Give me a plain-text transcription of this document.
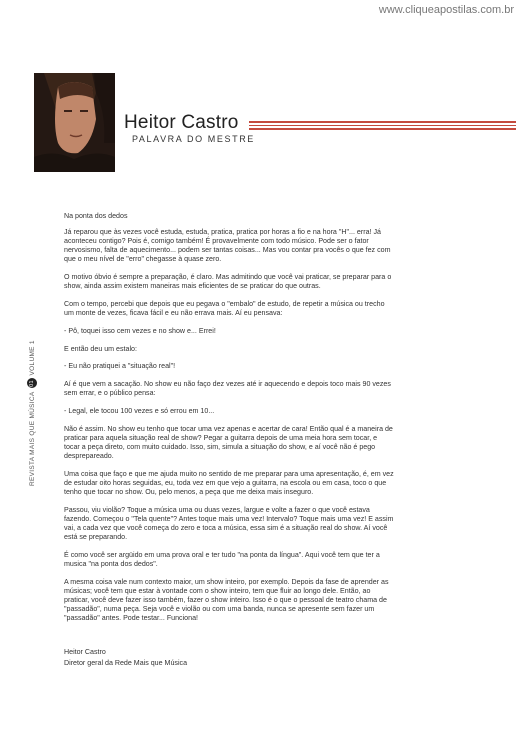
www.cliqueapostilas.com.br
Heitor Castro
PALAVRA DO MESTRE
REVISTA MAIS QUE MÚSICA
01
VOLUME 1

Na ponta dos dedos

Já reparou que às vezes você estuda, estuda, pratica, pratica por horas a fio e na hora "H"... erra! Já aconteceu contigo? Pois é, comigo também! É provavelmente com todo músico. Pode ser o fator nervosismo, falta de aquecimento... podem ser tantas coisas... Mas vou contar pra vocês o que fez com que o meu nível de "erro" chegasse à quase zero.

O motivo óbvio é sempre a preparação, é claro. Mas admitindo que você vai praticar, se preparar para o show, ainda assim existem maneiras mais eficientes de se praticar do que outras.

Com o tempo, percebi que depois que eu pegava o "embalo" de estudo, de repetir a música ou trecho um monte de vezes, ficava fácil e eu não errava mais. Aí eu pensava:

- Pô, toquei isso cem vezes e no show e... Errei!

E então deu um estalo:

- Eu não pratiquei a "situação real"!

Aí é que vem a sacação. No show eu não faço dez vezes até ir aquecendo e depois toco mais 90 vezes sem errar, e o público pensa:

- Legal, ele tocou 100 vezes e só errou em 10...

Não é assim. No show eu tenho que tocar uma vez apenas e acertar de cara! Então qual é a maneira de praticar para aquela situação real de show? Pegar a guitarra depois de uma meia hora sem tocar, e tocar a peça direto, com muito cuidado. Isso, sim, simula a situação do show, e aí você não é pego desprepareado.

Uma coisa que faço e que me ajuda muito no sentido de me preparar para uma apresentação, é, em vez de estudar oito horas seguidas, eu, toda vez em que vejo a guitarra, na escola ou em casa, toco o que tenho que tocar no show. Ou, pelo menos, a peça que me deixa mais inseguro.

Passou, viu violão? Toque a música uma ou duas vezes, largue e volte a fazer o que você estava fazendo. Começou o "Tela quente"? Antes toque mais uma vez! Intervalo? Toque mais uma vez! E assim vai, a cada vez que você começa do zero e toca a música, essa sim é a situação real do show. Aí você está se preparando.

É como você ser argüido em uma prova oral e ter tudo "na ponta da língua". Aqui você tem que ter a musica "na ponta dos dedos".

A mesma coisa vale num contexto maior, um show inteiro, por exemplo. Depois da fase de aprender as músicas; você tem que estar à vontade com o show inteiro, tem que fluir ao longo dele. Então, ao praticar, você deve fazer isso também, fazer o show inteiro. Isso é o que o pessoal de teatro chama de "passadão", numa peça. Seja você e violão ou com uma banda, nunca se apresente sem fazer um "passadão" antes. Pode testar... Funciona!

Heitor Castro
Diretor geral da Rede Mais que Música
